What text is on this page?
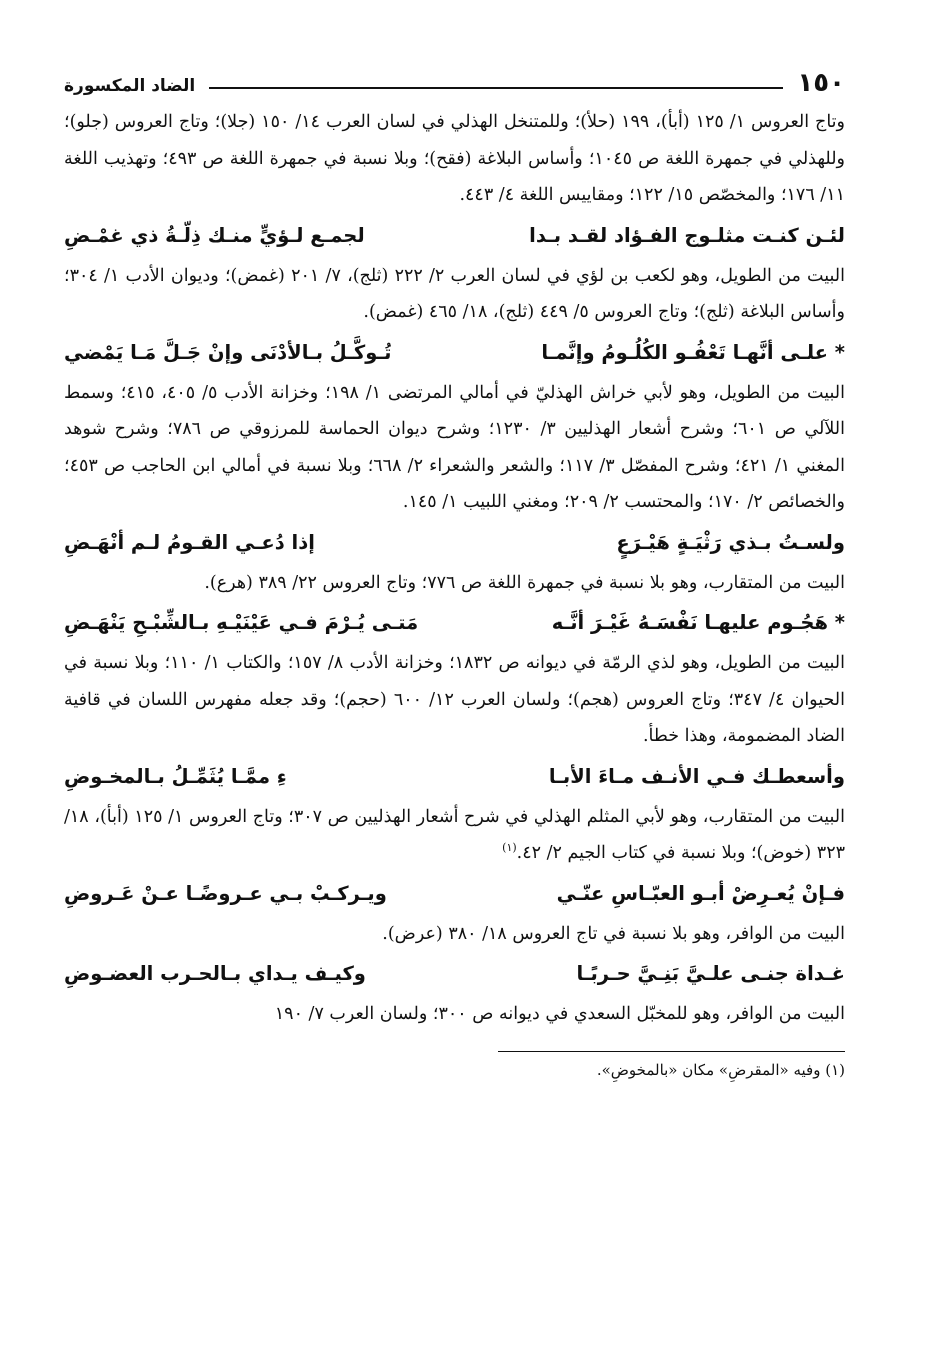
١٥٠
الضاد المكسورة
وتاج العروس ١/ ١٢٥ (أبأ)، ١٩٩ (حلأ)؛ وللمتنخل الهذلي في لسان العرب ١٤/ ١٥٠ (جلا)؛ وتاج العروس (جلو)؛ وللهذلي في جمهرة اللغة ص ١٠٤٥؛ وأساس البلاغة (فقح)؛ وبلا نسبة في جمهرة اللغة ص ٤٩٣؛ وتهذيب اللغة ١١/ ١٧٦؛ والمخصّص ١٥/ ١٢٢؛ ومقاييس اللغة ٤/ ٤٤٣.
لئـن كنـت مثلـوج الفـؤاد لقـد بـدا
لجمـع لـؤيٍّ منـك ذِلّـةُ ذي غمْـضِ
البيت من الطويل، وهو لكعب بن لؤي في لسان العرب ٢/ ٢٢٢ (ثلج)، ٧/ ٢٠١ (غمض)؛ وديوان الأدب ١/ ٣٠٤؛ وأساس البلاغة (ثلج)؛ وتاج العروس ٥/ ٤٤٩ (ثلج)، ١٨/ ٤٦٥ (غمض).
* علـى أنَّهـا تَعْفُـو الكُلُـومُ وإنَّمـا
تُـوكَّـلُ بـالأدْنَى وإنْ جَـلَّ مَـا يَمْضي
البيت من الطويل، وهو لأبي خراش الهذليّ في أمالي المرتضى ١/ ١٩٨؛ وخزانة الأدب ٥/ ٤٠٥، ٤١٥؛ وسمط اللآلي ص ٦٠١؛ وشرح أشعار الهذليين ٣/ ١٢٣٠؛ وشرح ديوان الحماسة للمرزوقي ص ٧٨٦؛ وشرح شوهد المغني ١/ ٤٢١؛ وشرح المفصّل ٣/ ١١٧؛ والشعر والشعراء ٢/ ٦٦٨؛ وبلا نسبة في أمالي ابن الحاجب ص ٤٥٣؛ والخصائص ٢/ ١٧٠؛ والمحتسب ٢/ ٢٠٩؛ ومغني اللبيب ١/ ١٤٥.
ولسـتُ بـذي رَثْيَـةٍ هَيْـرَعٍ
إذا دُعـي القـومُ لـم أنْهَـضِ
البيت من المتقارب، وهو بلا نسبة في جمهرة اللغة ص ٧٧٦؛ وتاج العروس ٢٢/ ٣٨٩ (هرع).
* هَجُـوم عليهـا نَفْسَـهُ غَيْـرَ أنَّـه
مَتـى يُـرْمَ فـي عَيْنَيْـهِ بـالشِّبْـحِ يَنْهَـضِ
البيت من الطويل، وهو لذي الرمّة في ديوانه ص ١٨٣٢؛ وخزانة الأدب ٨/ ١٥٧؛ والكتاب ١/ ١١٠؛ وبلا نسبة في الحيوان ٤/ ٣٤٧؛ وتاج العروس (هجم)؛ ولسان العرب ١٢/ ٦٠٠ (حجم)؛ وقد جعله مفهرس اللسان في قافية الضاد المضمومة، وهذا خطأ.
وأسعطـك فـي الأنـف مـاءَ الأبـا
ءِ ممَّـا يُثَمِّـلُ بـالمخـوضِ
البيت من المتقارب، وهو لأبي المثلم الهذلي في شرح أشعار الهذليين ص ٣٠٧؛ وتاج العروس ١/ ١٢٥ (أبأ)، ١٨/ ٣٢٣ (خوض)؛ وبلا نسبة في كتاب الجيم ٢/ ٤٢.$^{(١)}$
فـإنْ يُعـرِضْ أبـو العبّـاسِ عنّـي
ويـركـبْ بـي عـروضًـا عـنْ عَـروضِ
البيت من الوافر، وهو بلا نسبة في تاج العروس ١٨/ ٣٨٠ (عرض).
غـداة جنـى علـيَّ بَنِـيَّ حـربًـا
وكيـف يـداي بـالحـرب العضـوضِ
البيت من الوافر، وهو للمخبّل السعدي في ديوانه ص ٣٠٠؛ ولسان العرب ٧/ ١٩٠
(١) وفيه «المقرضِ» مكان «بالمخوضِ».
